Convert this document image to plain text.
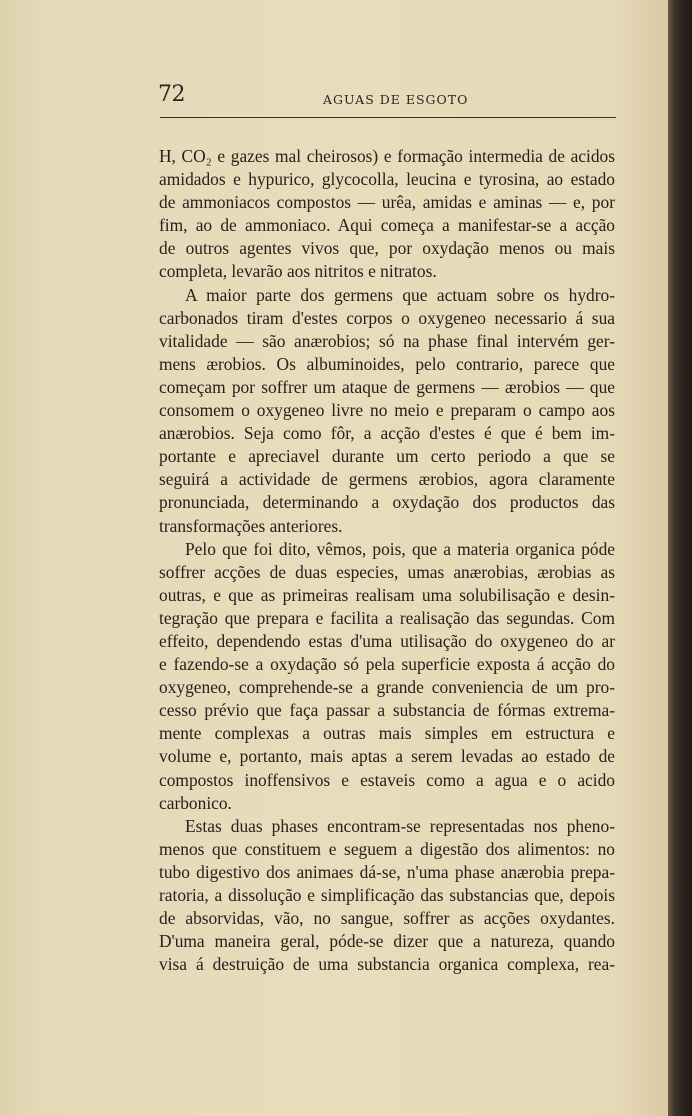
72	AGUAS DE ESGOTO

H, CO₂ e gazes mal cheirosos) e formação intermedia de acidos

amidados e hypurico, glycocolla, leucina e tyrosina, ao estado

de ammoniacos compostos — urêa, amidas e aminas — e, por

fim, ao de ammoniaco. Aqui começa a manifestar-se a acção

de outros agentes vivos que, por oxydação menos ou mais

completa, levarão aos nitritos e nitratos.

A maior parte dos germens que actuam sobre os hydro-

carbonados tiram d'estes corpos o oxygeneo necessario á sua

vitalidade — são anærobios; só na phase final intervém ger-

mens ærobios. Os albuminoides, pelo contrario, parece que

começam por soffrer um ataque de germens — ærobios — que

consomem o oxygeneo livre no meio e preparam o campo aos

anærobios. Seja como fôr, a acção d'estes é que é bem im-

portante e apreciavel durante um certo periodo a que se

seguirá a actividade de germens ærobios, agora claramente

pronunciada, determinando a oxydação dos productos das

transformações anteriores.

Pelo que foi dito, vêmos, pois, que a materia organica póde

soffrer acções de duas especies, umas anærobias, ærobias as

outras, e que as primeiras realisam uma solubilisação e desin-

tegração que prepara e facilita a realisação das segundas. Com

effeito, dependendo estas d'uma utilisação do oxygeneo do ar

e fazendo-se a oxydação só pela superficie exposta á acção do

oxygeneo, comprehende-se a grande conveniencia de um pro-

cesso prévio que faça passar a substancia de fórmas extrema-

mente complexas a outras mais simples em estructura e

volume e, portanto, mais aptas a serem levadas ao estado de

compostos inoffensivos e estaveis como a agua e o acido

carbonico.

Estas duas phases encontram-se representadas nos pheno-

menos que constituem e seguem a digestão dos alimentos: no

tubo digestivo dos animaes dá-se, n'uma phase anærobia prepa-

ratoria, a dissolução e simplificação das substancias que, depois

de absorvidas, vão, no sangue, soffrer as acções oxydantes.

D'uma maneira geral, póde-se dizer que a natureza, quando

visa á destruição de uma substancia organica complexa, rea-
